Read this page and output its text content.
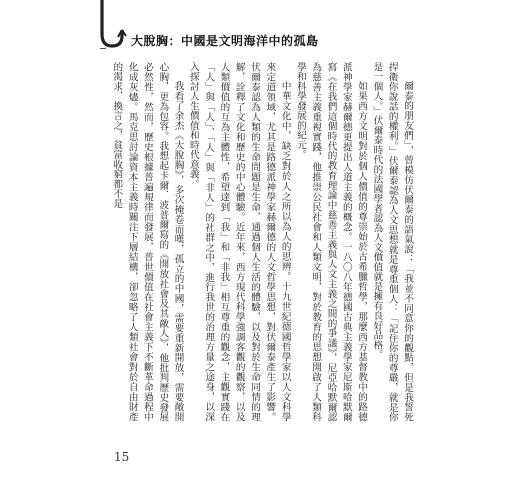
大脫胸：中國是文明海洋中的孤島

爾泰的朋友們」，曾模仿伏爾泰的語氣說：「我並不同意你的觀點，但是我誓死捍衛你說話的權利。」伏爾泰認為人文思想就是尊重個人：「記住你的尊嚴，就是你是一個人。」伏爾泰時代的法國學者認為人文價值就是擁有良好品格。

如果西方文明對於個人價值的尊崇始於古希臘哲學，那麼西方基督教中的路德派神學家赫爾德更提出人道主義的概念。一八〇八年德國古典主義學家尼斯哈默爾寫《在我們這個時代的教育理論中慈善主義與人文主義之間的爭議》，尼亞哈默爾認為慈善主義重視實踐，他推崇公民社會和人類文明，對於教育的思想開啟了人類科學和科學發展的紀元。

中華文化中，缺乏對於人之所以為人的思辨。十九世紀德國哲學家以人文科學來定道領域，尤其是路德派神學家赫爾德的人文哲學思想，對伏爾泰產生了影響。伏爾泰認為人類的生命問題是生命，通過個人生活的體驗，以及對於生命同情的理解，詮釋了文化和歷史的中心體驗。近年來，西方現代科學強調客觀的觀察，以及人類價值的互為主體性，希望達到「我」和「非我」相互尊重的觀念，主觀實踐在「人」與「人」、「人」與「非人」的社群之中，進行我世的治理方量之途身，以深入探討人生價值和時代意義。

我看了余杰《大脫胸》，多次掩卷而嘆，孤立的中國，需要重新開放，需要敞開心胸，更為包容。我想起卡爾．波普爾寫的《開放社會及其敵人》，他批判歷史發展必然性，然而，歷史根據普遍規律而發展，普世價值在社會主義下不斷革命過程中化成灰燼。馬克思討論資本主義時關注下層結構，卻忽略了人類社會對於自由財產的渴求，換言之，貧富收窮都不是

15
